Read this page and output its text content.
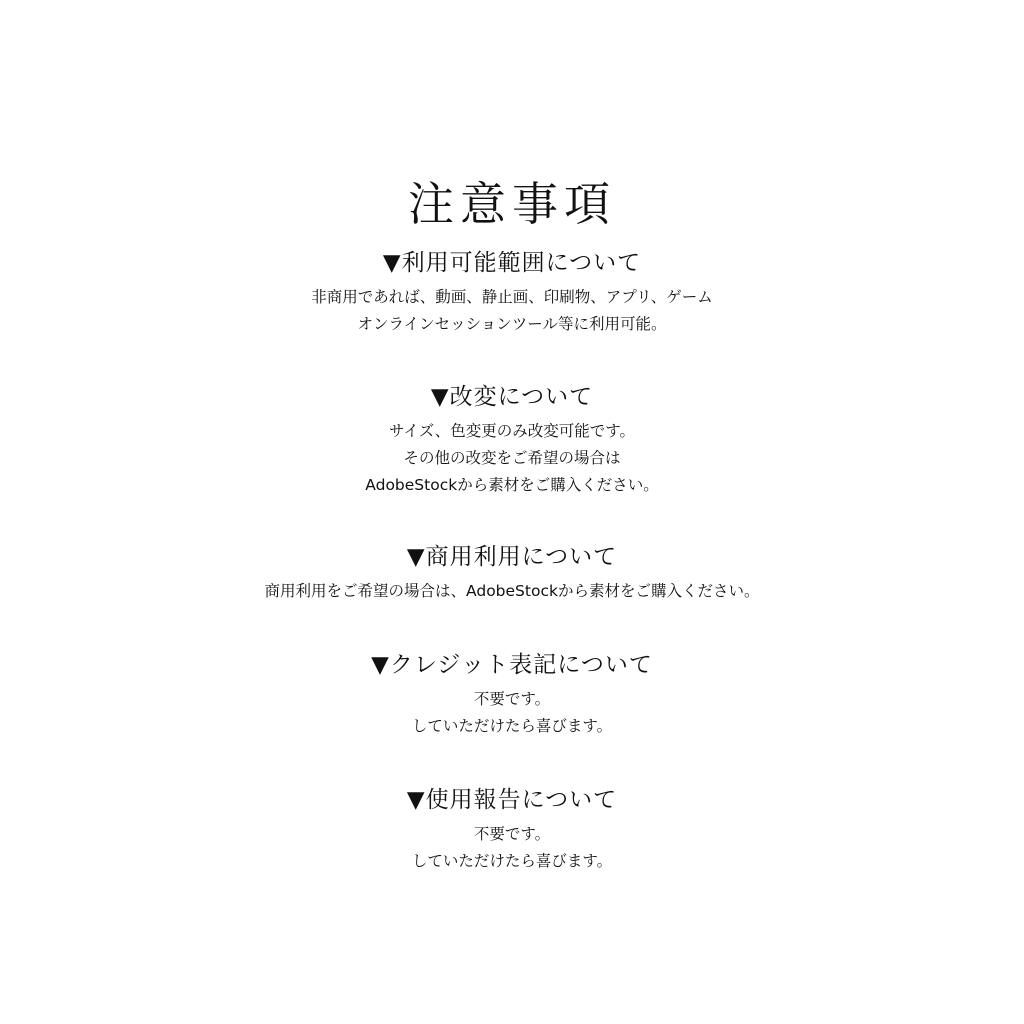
注意事項
▼利用可能範囲について
非商用であれば、動画、静止画、印刷物、アプリ、ゲーム
オンラインセッションツール等に利用可能。
▼改変について
サイズ、色変更のみ改変可能です。
その他の改変をご希望の場合は
AdobeStockから素材をご購入ください。
▼商用利用について
商用利用をご希望の場合は、AdobeStockから素材をご購入ください。
▼クレジット表記について
不要です。
していただけたら喜びます。
▼使用報告について
不要です。
していただけたら喜びます。
